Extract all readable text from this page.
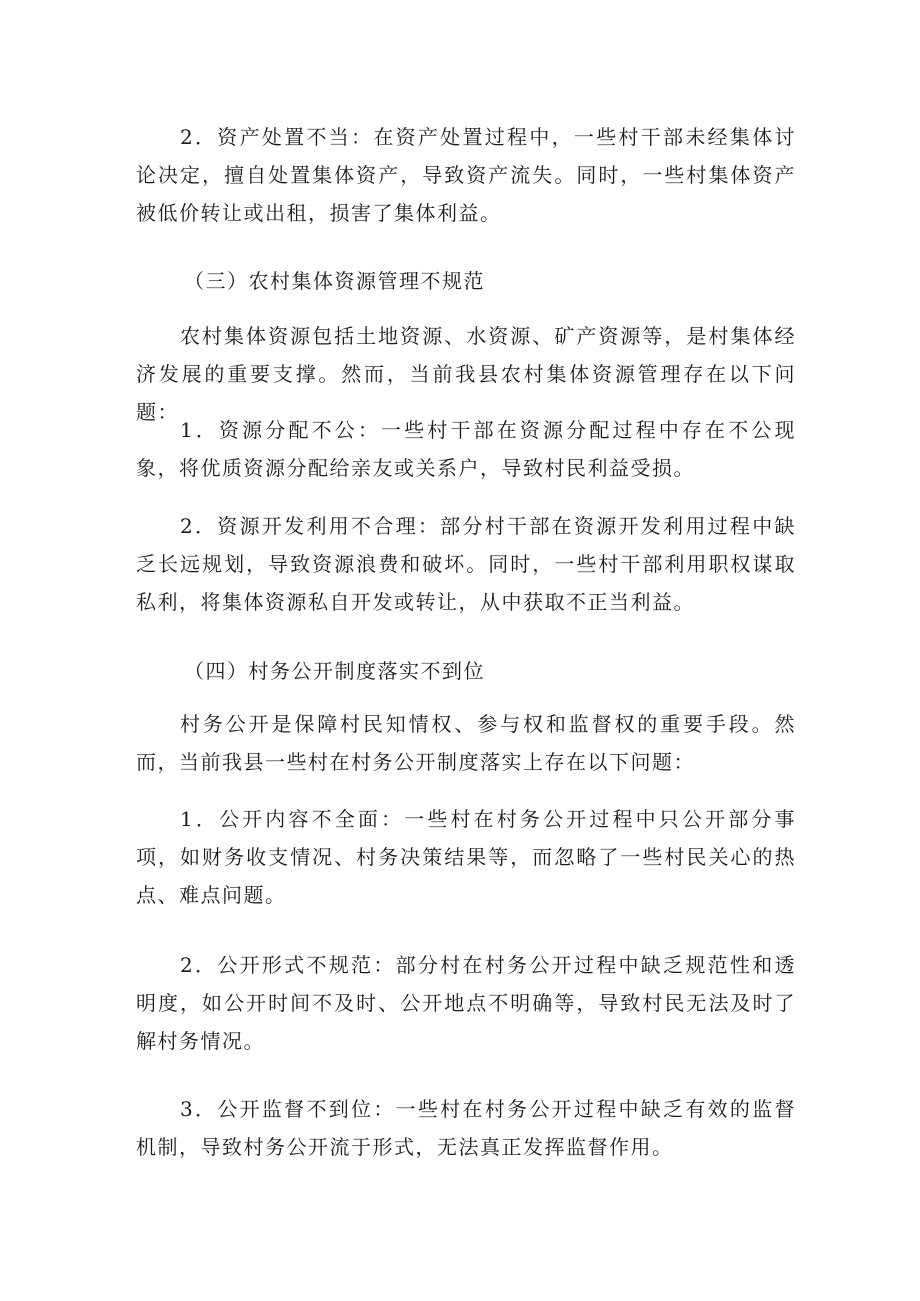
2．资产处置不当：在资产处置过程中，一些村干部未经集体讨论决定，擅自处置集体资产，导致资产流失。同时，一些村集体资产被低价转让或出租，损害了集体利益。

（三）农村集体资源管理不规范

农村集体资源包括土地资源、水资源、矿产资源等，是村集体经济发展的重要支撑。然而，当前我县农村集体资源管理存在以下问题：

1．资源分配不公：一些村干部在资源分配过程中存在不公现象，将优质资源分配给亲友或关系户，导致村民利益受损。

2．资源开发利用不合理：部分村干部在资源开发利用过程中缺乏长远规划，导致资源浪费和破坏。同时，一些村干部利用职权谋取私利，将集体资源私自开发或转让，从中获取不正当利益。

（四）村务公开制度落实不到位

村务公开是保障村民知情权、参与权和监督权的重要手段。然而，当前我县一些村在村务公开制度落实上存在以下问题：

1．公开内容不全面：一些村在村务公开过程中只公开部分事项，如财务收支情况、村务决策结果等，而忽略了一些村民关心的热点、难点问题。

2．公开形式不规范：部分村在村务公开过程中缺乏规范性和透明度，如公开时间不及时、公开地点不明确等，导致村民无法及时了解村务情况。

3．公开监督不到位：一些村在村务公开过程中缺乏有效的监督机制，导致村务公开流于形式，无法真正发挥监督作用。
